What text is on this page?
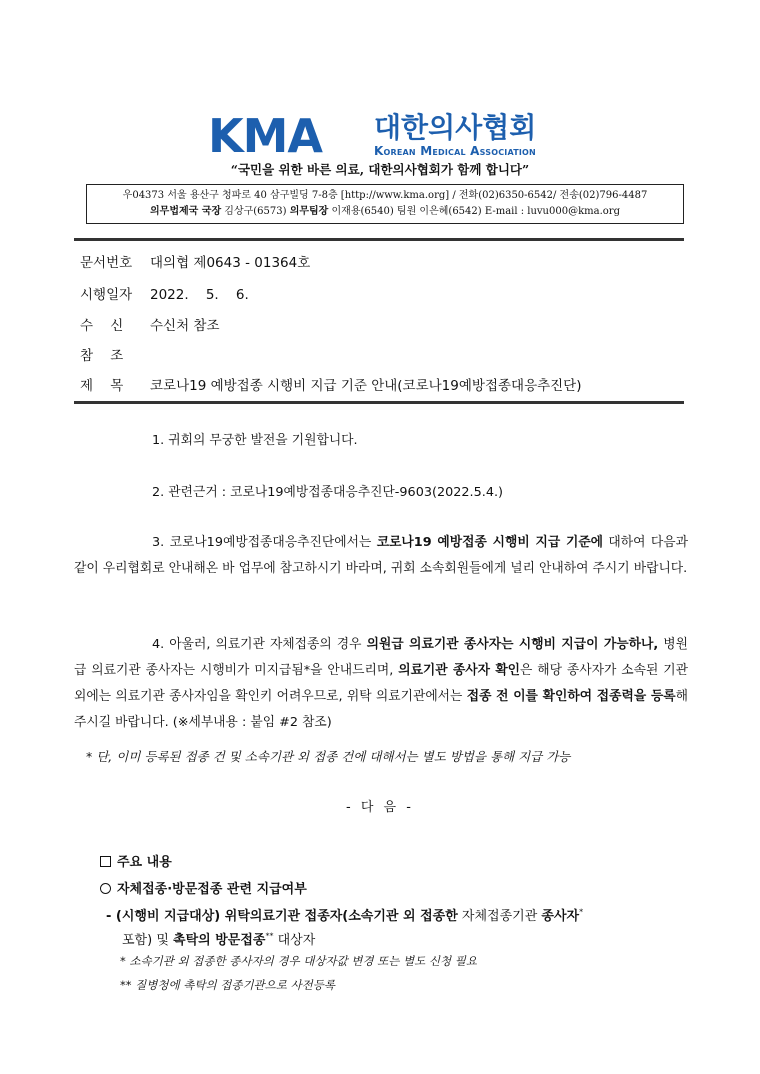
KMA 대한의사협회
Korean Medical Association
“국민을 위한 바른 의료, 대한의사협회가 함께 합니다”
우04373 서울 용산구 청파로 40 삼구빌딩 7-8층 [http://www.kma.org] / 전화(02)6350-6542/ 전송(02)796-4487
의무법제국 국장 김상구(6573) 의무팀장 이재용(6540) 팀원 이은혜(6542) E-mail : luvu000@kma.org
문서번호 대의협 제0643 - 01364호
시행일자 2022.    5.    6.
수    신 수신처 참조
참    조
제    목 코로나19 예방접종 시행비 지급 기준 안내(코로나19예방접종대응추진단)
1. 귀회의 무궁한 발전을 기원합니다.
2. 관련근거 : 코로나19예방접종대응추진단-9603(2022.5.4.)
3. 코로나19예방접종대응추진단에서는 코로나19 예방접종 시행비 지급 기준에 대하여 다음과 같이 우리협회로 안내해온 바 업무에 참고하시기 바라며, 귀회 소속회원들에게 널리 안내하여 주시기 바랍니다.
4. 아울러, 의료기관 자체접종의 경우 의원급 의료기관 종사자는 시행비 지급이 가능하나, 병원급 의료기관 종사자는 시행비가 미지급됨*을 안내드리며, 의료기관 종사자 확인은 해당 종사자가 소속된 기관 외에는 의료기관 종사자임을 확인키 어려우므로, 위탁 의료기관에서는 접종 전 이를 확인하여 접종력을 등록해 주시길 바랍니다. (※세부내용 : 붙임 #2 참조)
* 단, 이미 등록된 접종 건 및 소속기관 외 접종 건에 대해서는 별도 방법을 통해 지급 가능
- 다 음 -
주요 내용
자체접종·방문접종 관련 지급여부
- (시행비 지급대상) 위탁의료기관 접종자(소속기관 외 접종한 자체접종기관 종사자*
포함) 및 촉탁의 방문접종** 대상자
* 소속기관 외 접종한 종사자의 경우 대상자값 변경 또는 별도 신청 필요
** 질병청에 촉탁의 접종기관으로 사전등록
